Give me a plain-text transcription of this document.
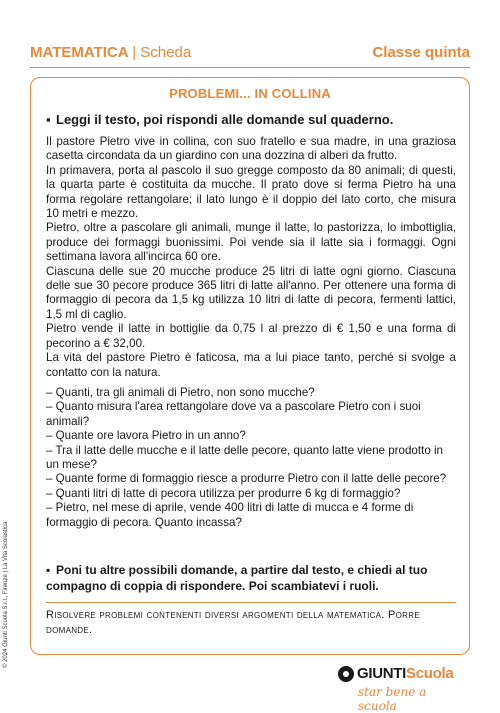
MATEMATICA | Scheda	Classe quinta
PROBLEMI... IN COLLINA
▪ Leggi il testo, poi rispondi alle domande sul quaderno.

Il pastore Pietro vive in collina, con suo fratello e sua madre, in una graziosa casetta circondata da un giardino con una dozzina di alberi da frutto.

In primavera, porta al pascolo il suo gregge composto da 80 animali; di questi, la quarta parte è costituita da mucche. Il prato dove si ferma Pietro ha una forma regolare rettangolare; il lato lungo è il doppio del lato corto, che misura 10 metri e mezzo.

Pietro, oltre a pascolare gli animali, munge il latte, lo pastorizza, lo imbottiglia, produce dei formaggi buonissimi. Poi vende sia il latte sia i formaggi. Ogni settimana lavora all'incirca 60 ore.

Ciascuna delle sue 20 mucche produce 25 litri di latte ogni giorno. Ciascuna delle sue 30 pecore produce 365 litri di latte all'anno. Per ottenere una forma di formaggio di pecora da 1,5 kg utilizza 10 litri di latte di pecora, fermenti lattici, 1,5 ml di caglio.

Pietro vende il latte in bottiglie da 0,75 l al prezzo di € 1,50 e una forma di pecorino a € 32,00.

La vita del pastore Pietro è faticosa, ma a lui piace tanto, perché si svolge a contatto con la natura.

– Quanti, tra gli animali di Pietro, non sono mucche?

– Quanto misura l'area rettangolare dove va a pascolare Pietro con i suoi animali?

– Quante ore lavora Pietro in un anno?

– Tra il latte delle mucche e il latte delle pecore, quanto latte viene prodotto in un mese?

– Quante forme di formaggio riesce a produrre Pietro con il latte delle pecore?

– Quanti litri di latte di pecora utilizza per produrre 6 kg di formaggio?

– Pietro, nel mese di aprile, vende 400 litri di latte di mucca e 4 forme di formaggio di pecora. Quanto incassa?

▪ Poni tu altre possibili domande, a partire dal testo, e chiedi al tuo compagno di coppia di rispondere. Poi scambiatevi i ruoli.
Risolvere problemi contenenti diversi argomenti della matematica. Porre domande.
© 2024 Giunti Scuola S.r.l., Firenze | La Vita Scolastica
GIUNTIScuola
star bene a scuola
